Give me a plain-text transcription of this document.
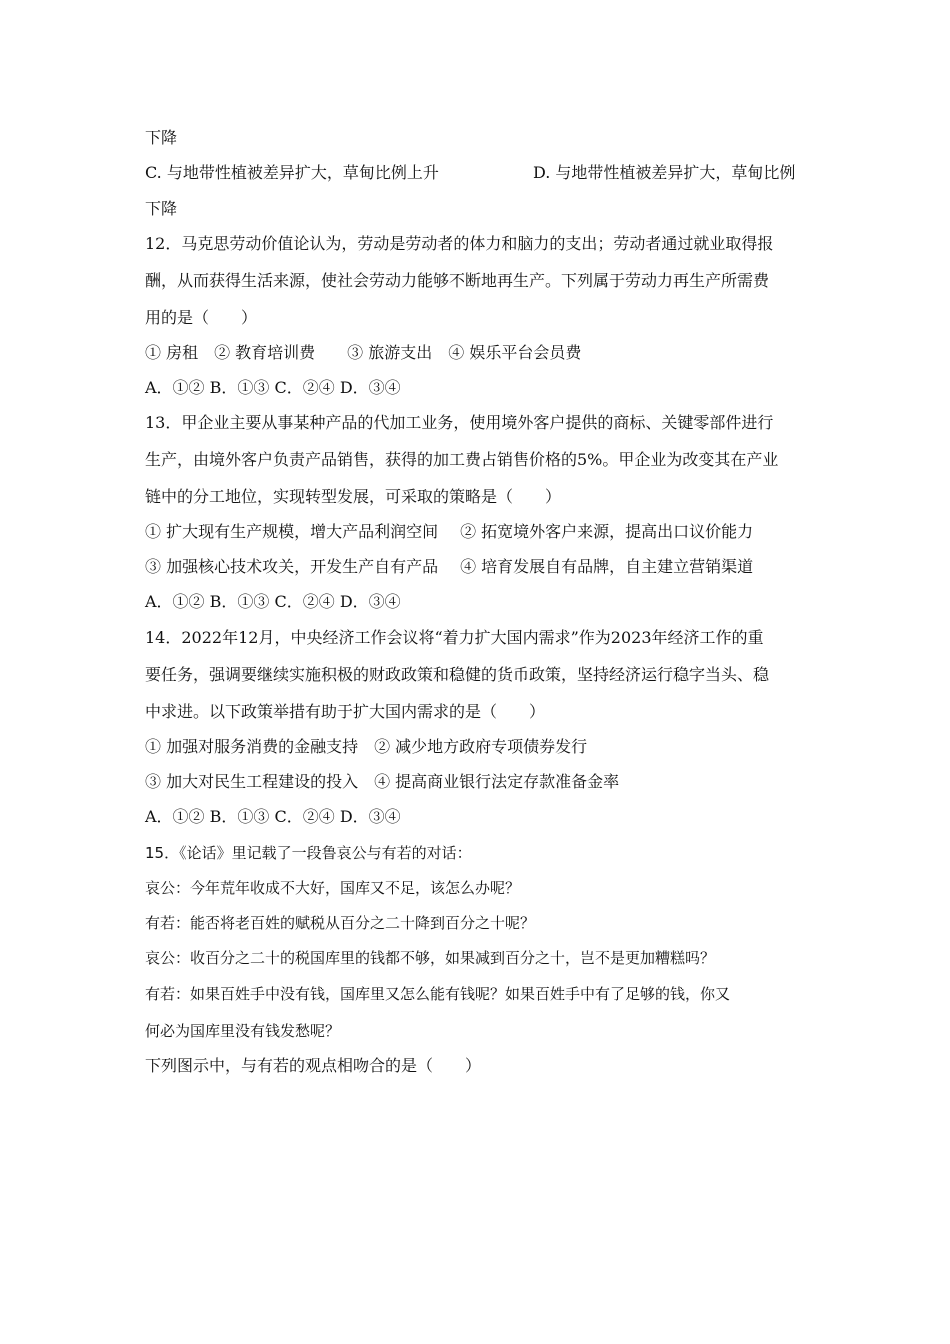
下降
C. 与地带性植被差异扩大，草甸比例上升	D. 与地带性植被差异扩大，草甸比例
下降
12．马克思劳动价值论认为，劳动是劳动者的体力和脑力的支出；劳动者通过就业取得报
酬，从而获得生活来源，使社会劳动力能够不断地再生产。下列属于劳动力再生产所需费
用的是（　　）
① 房租　② 教育培训费　　③ 旅游支出　④ 娱乐平台会员费
A．①② B．①③ C．②④ D．③④
13．甲企业主要从事某种产品的代加工业务，使用境外客户提供的商标、关键零部件进行
生产，由境外客户负责产品销售，获得的加工费占销售价格的5%。甲企业为改变其在产业
链中的分工地位，实现转型发展，可采取的策略是（　　）
① 扩大现有生产规模，增大产品利润空间 ② 拓宽境外客户来源，提高出口议价能力
③ 加强核心技术攻关，开发生产自有产品 ④ 培育发展自有品牌，自主建立营销渠道
A．①② B．①③ C．②④ D．③④
14．2022年12月，中央经济工作会议将“着力扩大国内需求”作为2023年经济工作的重
要任务，强调要继续实施积极的财政政策和稳健的货币政策，坚持经济运行稳字当头、稳
中求进。以下政策举措有助于扩大国内需求的是（　　）
① 加强对服务消费的金融支持　② 减少地方政府专项债券发行
③ 加大对民生工程建设的投入　④ 提高商业银行法定存款准备金率
A．①② B．①③ C．②④ D．③④
15．《论话》里记载了一段鲁哀公与有若的对话：
哀公：今年荒年收成不大好，国库又不足，该怎么办呢？
有若：能否将老百姓的赋税从百分之二十降到百分之十呢？
哀公：收百分之二十的税国库里的钱都不够，如果减到百分之十，岂不是更加糟糕吗？
有若：如果百姓手中没有钱，国库里又怎么能有钱呢？如果百姓手中有了足够的钱，你又
何必为国库里没有钱发愁呢？
下列图示中，与有若的观点相吻合的是（　　）
